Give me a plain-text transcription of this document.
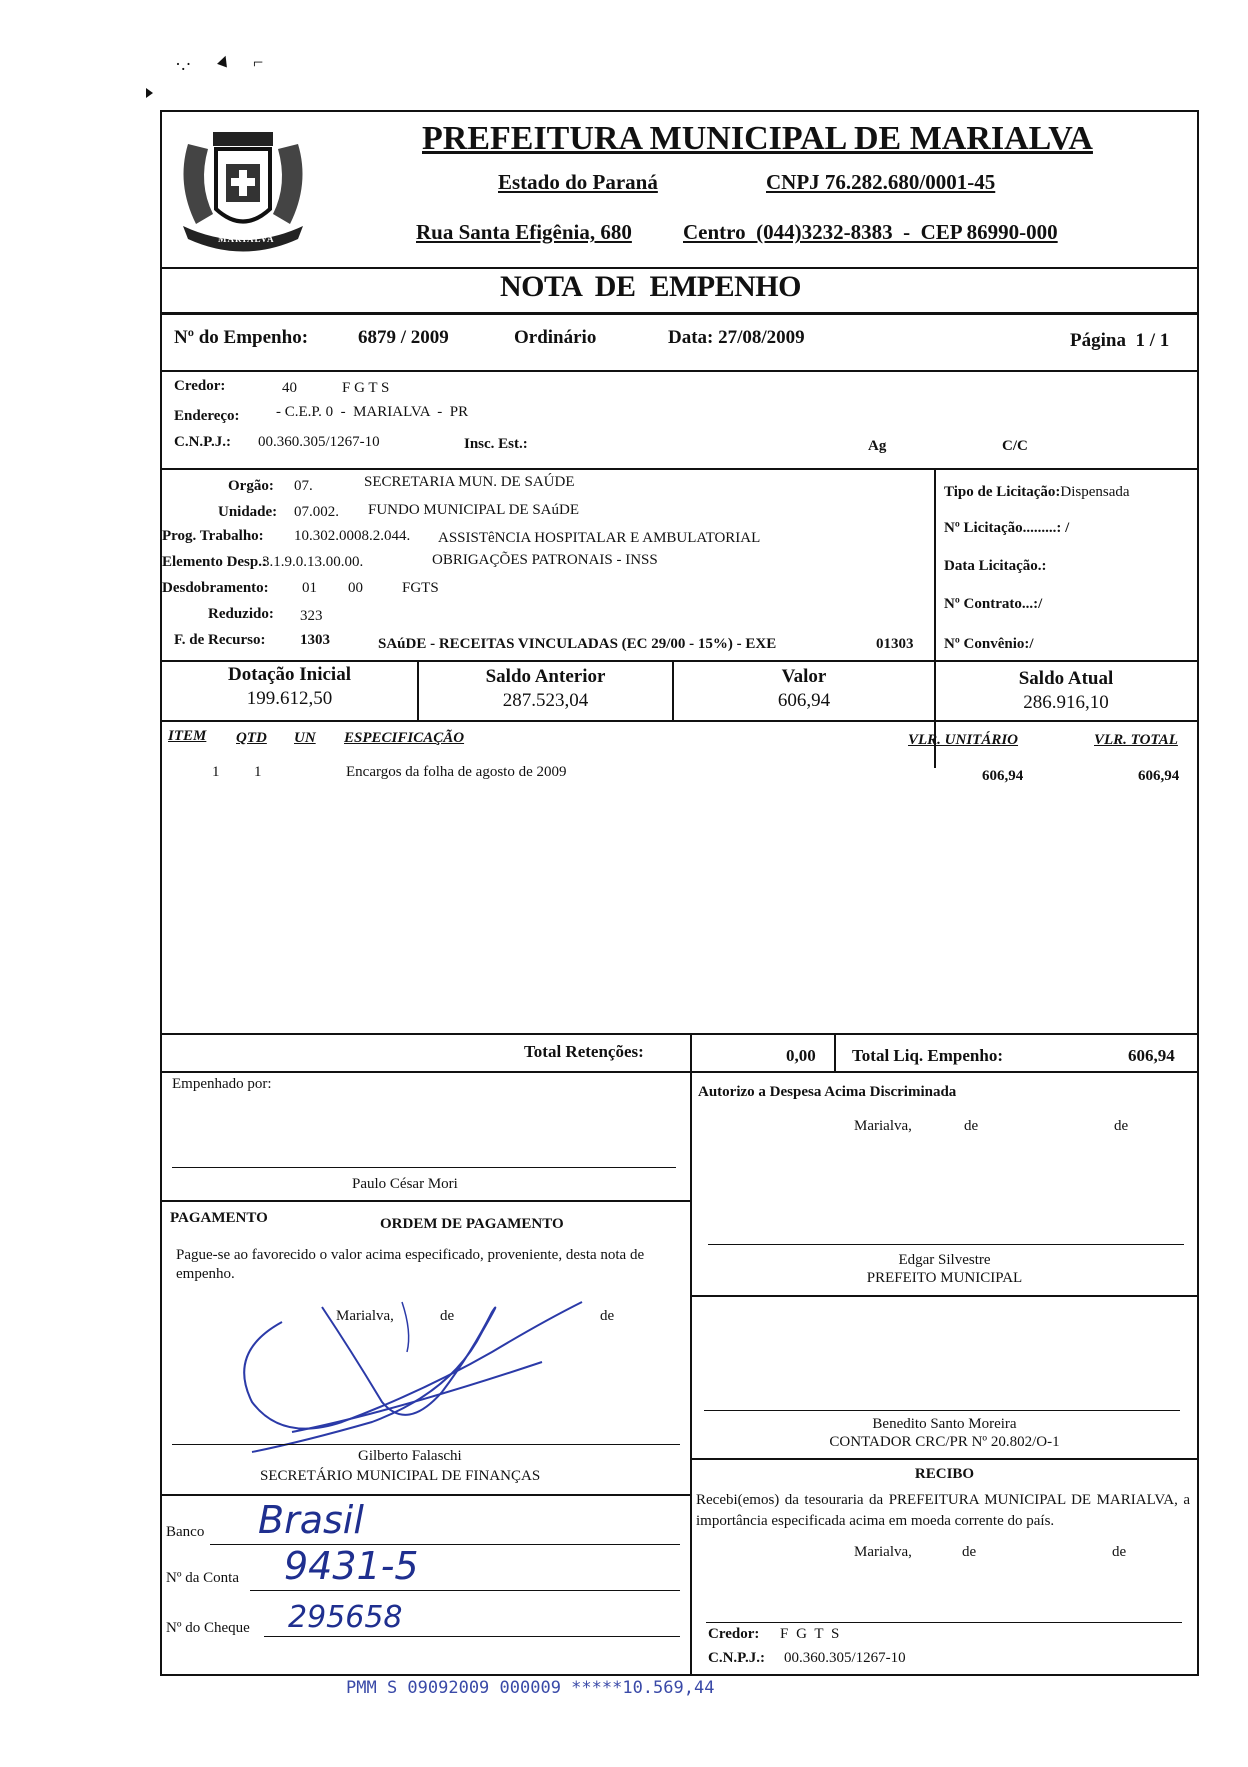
·.· ▲ ⌐
MARIALVA
PREFEITURA MUNICIPAL DE MARIALVA
Estado do Paraná	CNPJ 76.282.680/0001-45
Rua Santa Efigênia, 680 Centro  (044)3232-8383  -  CEP 86990-000
NOTA  DE  EMPENHO
Nº do Empenho:	6879 / 2009	Ordinário	Data: 27/08/2009	Página  1 / 1
Credor:	40	F G T S
Endereço: - C.E.P. 0  -  MARIALVA  -  PR
C.N.P.J.: 00.360.305/1267-10	Insc. Est.:	Ag	C/C
Orgão: 07.	SECRETARIA MUN. DE SAÚDE
Unidade: 07.002. FUNDO MUNICIPAL DE SAúDE
Prog. Trabalho: 10.302.0008.2.044. ASSISTêNCIA HOSPITALAR E AMBULATORIAL
Elemento Desp.:
3.1.9.0.13.00.00.	OBRIGAÇÕES PATRONAIS - INSS
Desdobramento: 01 00	FGTS
Reduzido: 323
F. de Recurso: 1303	SAúDE - RECEITAS VINCULADAS (EC 29/00 - 15%) - EXE	01303
Tipo de Licitação:Dispensada
Nº Licitação.........: /
Data Licitação.:
Nº Contrato...:/
Nº Convênio:/
Dotação Inicial
199.612,50
Saldo Anterior
287.523,04
Valor
606,94
Saldo Atual
286.916,10
ITEM QTD UN ESPECIFICAÇÃO	VLR. UNITÁRIO	VLR. TOTAL
1 1	Encargos da folha de agosto de 2009	606,94	606,94
Total Retenções:	0,00 Total Liq. Empenho:	606,94
Empenhado por:
Paulo César Mori
PAGAMENTO	ORDEM DE PAGAMENTO
Pague-se ao favorecido o valor acima especificado, proveniente, desta nota de empenho.
Marialva,	de	de
Gilberto Falaschi
SECRETÁRIO MUNICIPAL DE FINANÇAS
Banco Brasil
Nº da Conta 9431-5
Nº do Cheque 295658
Autorizo a Despesa Acima Discriminada
Marialva,	de	de
Edgar Silvestre
PREFEITO MUNICIPAL
Benedito Santo Moreira
CONTADOR CRC/PR Nº 20.802/O-1
RECIBO
Recebi(emos) da tesouraria da PREFEITURA MUNICIPAL DE MARIALVA, a importância especificada acima em moeda corrente do país.
Marialva,	de	de
Credor: F G T S
C.N.P.J.: 00.360.305/1267-10
PMM S 09092009 000009 *****10.569,44
